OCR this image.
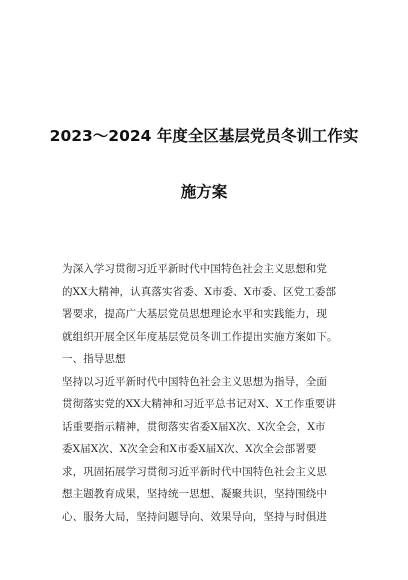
2023～2024 年度全区基层党员冬训工作实
施方案
为深入学习贯彻习近平新时代中国特色社会主义思想和党
的XX大精神，认真落实省委、X市委、X市委、区党工委部
署要求，提高广大基层党员思想理论水平和实践能力，现
就组织开展全区年度基层党员冬训工作提出实施方案如下。
一、指导思想
坚持以习近平新时代中国特色社会主义思想为指导，全面
贯彻落实党的XX大精神和习近平总书记对X、X工作重要讲
话重要指示精神，贯彻落实省委X届X次、X次全会，X市
委X届X次、X次全会和X市委X届X次、X次全会部署要
求，巩固拓展学习贯彻习近平新时代中国特色社会主义思
想主题教育成果，坚持统一思想、凝聚共识，坚持围绕中
心、服务大局，坚持问题导向、效果导向，坚持与时俱进
